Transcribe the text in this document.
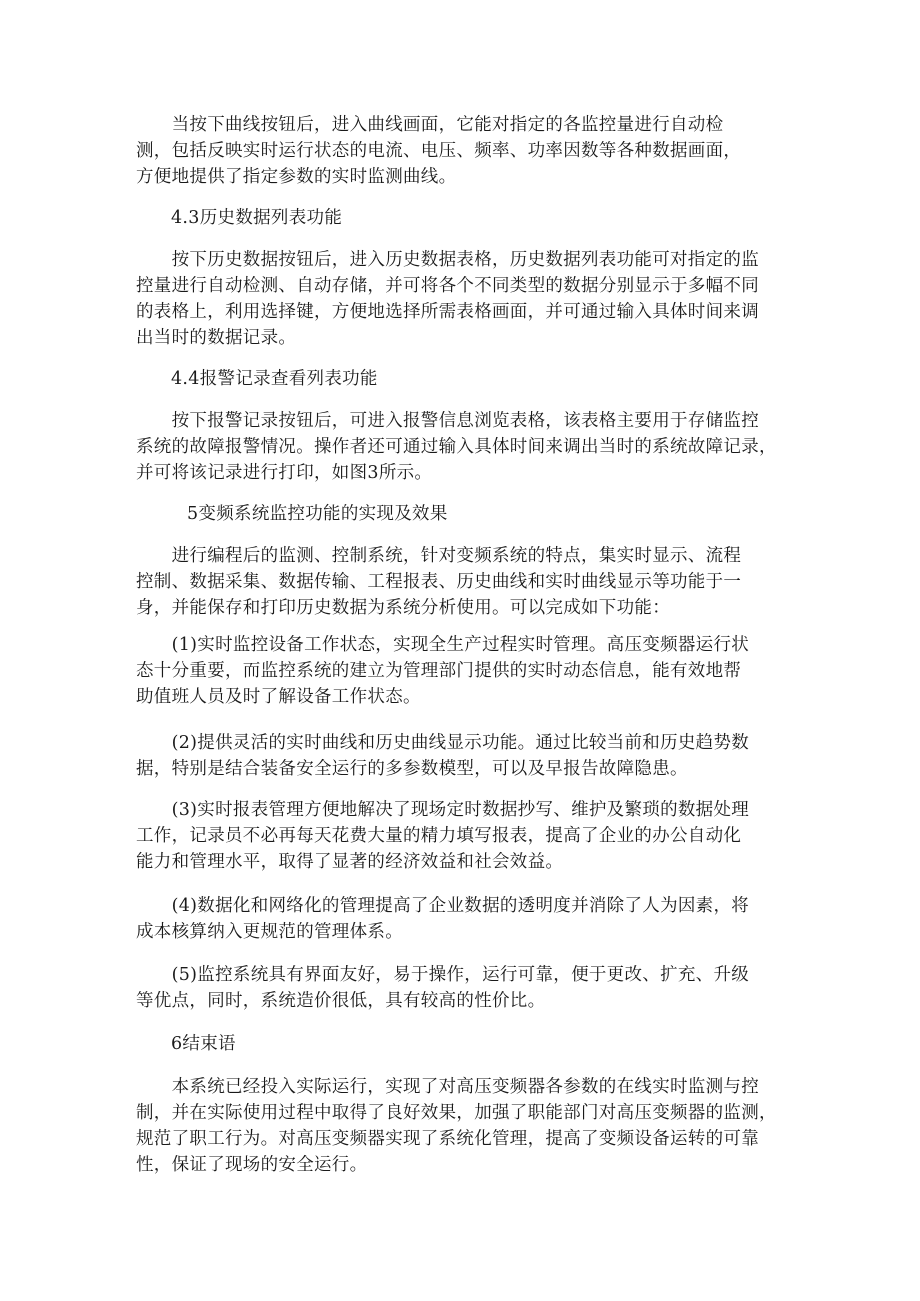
　　当按下曲线按钮后，进入曲线画面，它能对指定的各监控量进行自动检
测，包括反映实时运行状态的电流、电压、频率、功率因数等各种数据画面，
方便地提供了指定参数的实时监测曲线。
4.3历史数据列表功能
　　按下历史数据按钮后，进入历史数据表格，历史数据列表功能可对指定的监
控量进行自动检测、自动存储，并可将各个不同类型的数据分别显示于多幅不同
的表格上，利用选择键，方便地选择所需表格画面，并可通过输入具体时间来调
出当时的数据记录。
4.4报警记录查看列表功能
　　按下报警记录按钮后，可进入报警信息浏览表格，该表格主要用于存储监控
系统的故障报警情况。操作者还可通过输入具体时间来调出当时的系统故障记录，
并可将该记录进行打印，如图3所示。
5变频系统监控功能的实现及效果
　　进行编程后的监测、控制系统，针对变频系统的特点，集实时显示、流程
控制、数据采集、数据传输、工程报表、历史曲线和实时曲线显示等功能于一
身，并能保存和打印历史数据为系统分析使用。可以完成如下功能：
　　(1)实时监控设备工作状态，实现全生产过程实时管理。高压变频器运行状
态十分重要，而监控系统的建立为管理部门提供的实时动态信息，能有效地帮
助值班人员及时了解设备工作状态。
　　(2)提供灵活的实时曲线和历史曲线显示功能。通过比较当前和历史趋势数
据，特别是结合装备安全运行的多参数模型，可以及早报告故障隐患。
　　(3)实时报表管理方便地解决了现场定时数据抄写、维护及繁琐的数据处理
工作，记录员不必再每天花费大量的精力填写报表，提高了企业的办公自动化
能力和管理水平，取得了显著的经济效益和社会效益。
　　(4)数据化和网络化的管理提高了企业数据的透明度并消除了人为因素，将
成本核算纳入更规范的管理体系。
　　(5)监控系统具有界面友好，易于操作，运行可靠，便于更改、扩充、升级
等优点，同时，系统造价很低，具有较高的性价比。
6结束语
　　本系统已经投入实际运行，实现了对高压变频器各参数的在线实时监测与控
制，并在实际使用过程中取得了良好效果，加强了职能部门对高压变频器的监测，
规范了职工行为。对高压变频器实现了系统化管理，提高了变频设备运转的可靠
性，保证了现场的安全运行。
